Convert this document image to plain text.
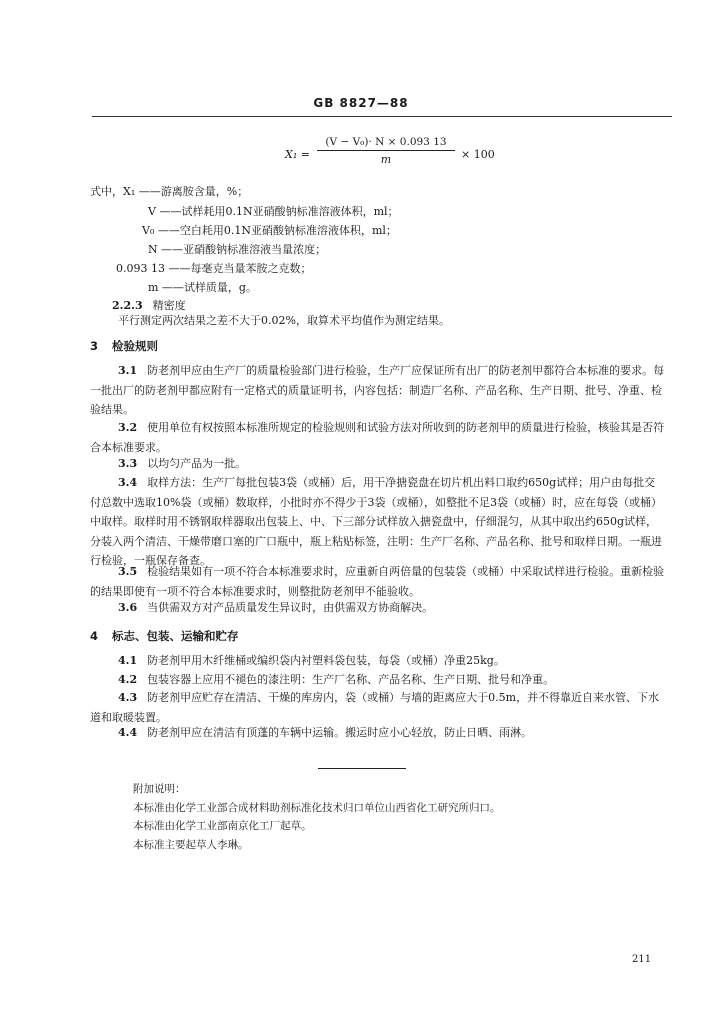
GB 8827—88
X₁ =
(V − V₀)· N × 0.093 13
m	× 100
式中，X₁ ——游离胺含量，%；
V ——试样耗用0.1N亚硝酸钠标准溶液体积，ml；
V₀ ——空白耗用0.1N亚硝酸钠标准溶液体积，ml；
N ——亚硝酸钠标准溶液当量浓度；
0.093 13 ——每毫克当量苯胺之克数；
m ——试样质量，g。
2.2.3 精密度
平行测定两次结果之差不大于0.02%，取算术平均值作为测定结果。
3 检验规则
3.1 防老剂甲应由生产厂的质量检验部门进行检验，生产厂应保证所有出厂的防老剂甲都符合本标准的要求。每一批出厂的防老剂甲都应附有一定格式的质量证明书，内容包括：制造厂名称、产品名称、生产日期、批号、净重、检验结果。
3.2 使用单位有权按照本标准所规定的检验规则和试验方法对所收到的防老剂甲的质量进行检验，核验其是否符合本标准要求。
3.3 以均匀产品为一批。
3.4 取样方法：生产厂每批包装3袋（或桶）后，用干净搪瓷盘在切片机出料口取约650g试样；用户由每批交付总数中选取10%袋（或桶）数取样，小批时亦不得少于3袋（或桶），如整批不足3袋（或桶）时，应在每袋（或桶）中取样。取样时用不锈钢取样器取出包装上、中、下三部分试样放入搪瓷盘中，仔细混匀，从其中取出约650g试样，分装入两个清洁、干燥带磨口塞的广口瓶中，瓶上粘贴标签，注明：生产厂名称、产品名称、批号和取样日期。一瓶进行检验，一瓶保存备查。
3.5 检验结果如有一项不符合本标准要求时，应重新自两倍量的包装袋（或桶）中采取试样进行检验。重新检验的结果即使有一项不符合本标准要求时，则整批防老剂甲不能验收。
3.6 当供需双方对产品质量发生异议时，由供需双方协商解决。
4 标志、包装、运输和贮存
4.1 防老剂甲用木纤维桶或编织袋内衬塑料袋包装，每袋（或桶）净重25kg。
4.2 包装容器上应用不褪色的漆注明：生产厂名称、产品名称、生产日期、批号和净重。
4.3 防老剂甲应贮存在清洁、干燥的库房内，袋（或桶）与墙的距离应大于0.5m，并不得靠近自来水管、下水道和取暖装置。
4.4 防老剂甲应在清洁有顶蓬的车辆中运输。搬运时应小心轻放，防止日晒、雨淋。
附加说明：
本标准由化学工业部合成材料助剂标准化技术归口单位山西省化工研究所归口。
本标准由化学工业部南京化工厂起草。
本标准主要起草人李琳。
211
